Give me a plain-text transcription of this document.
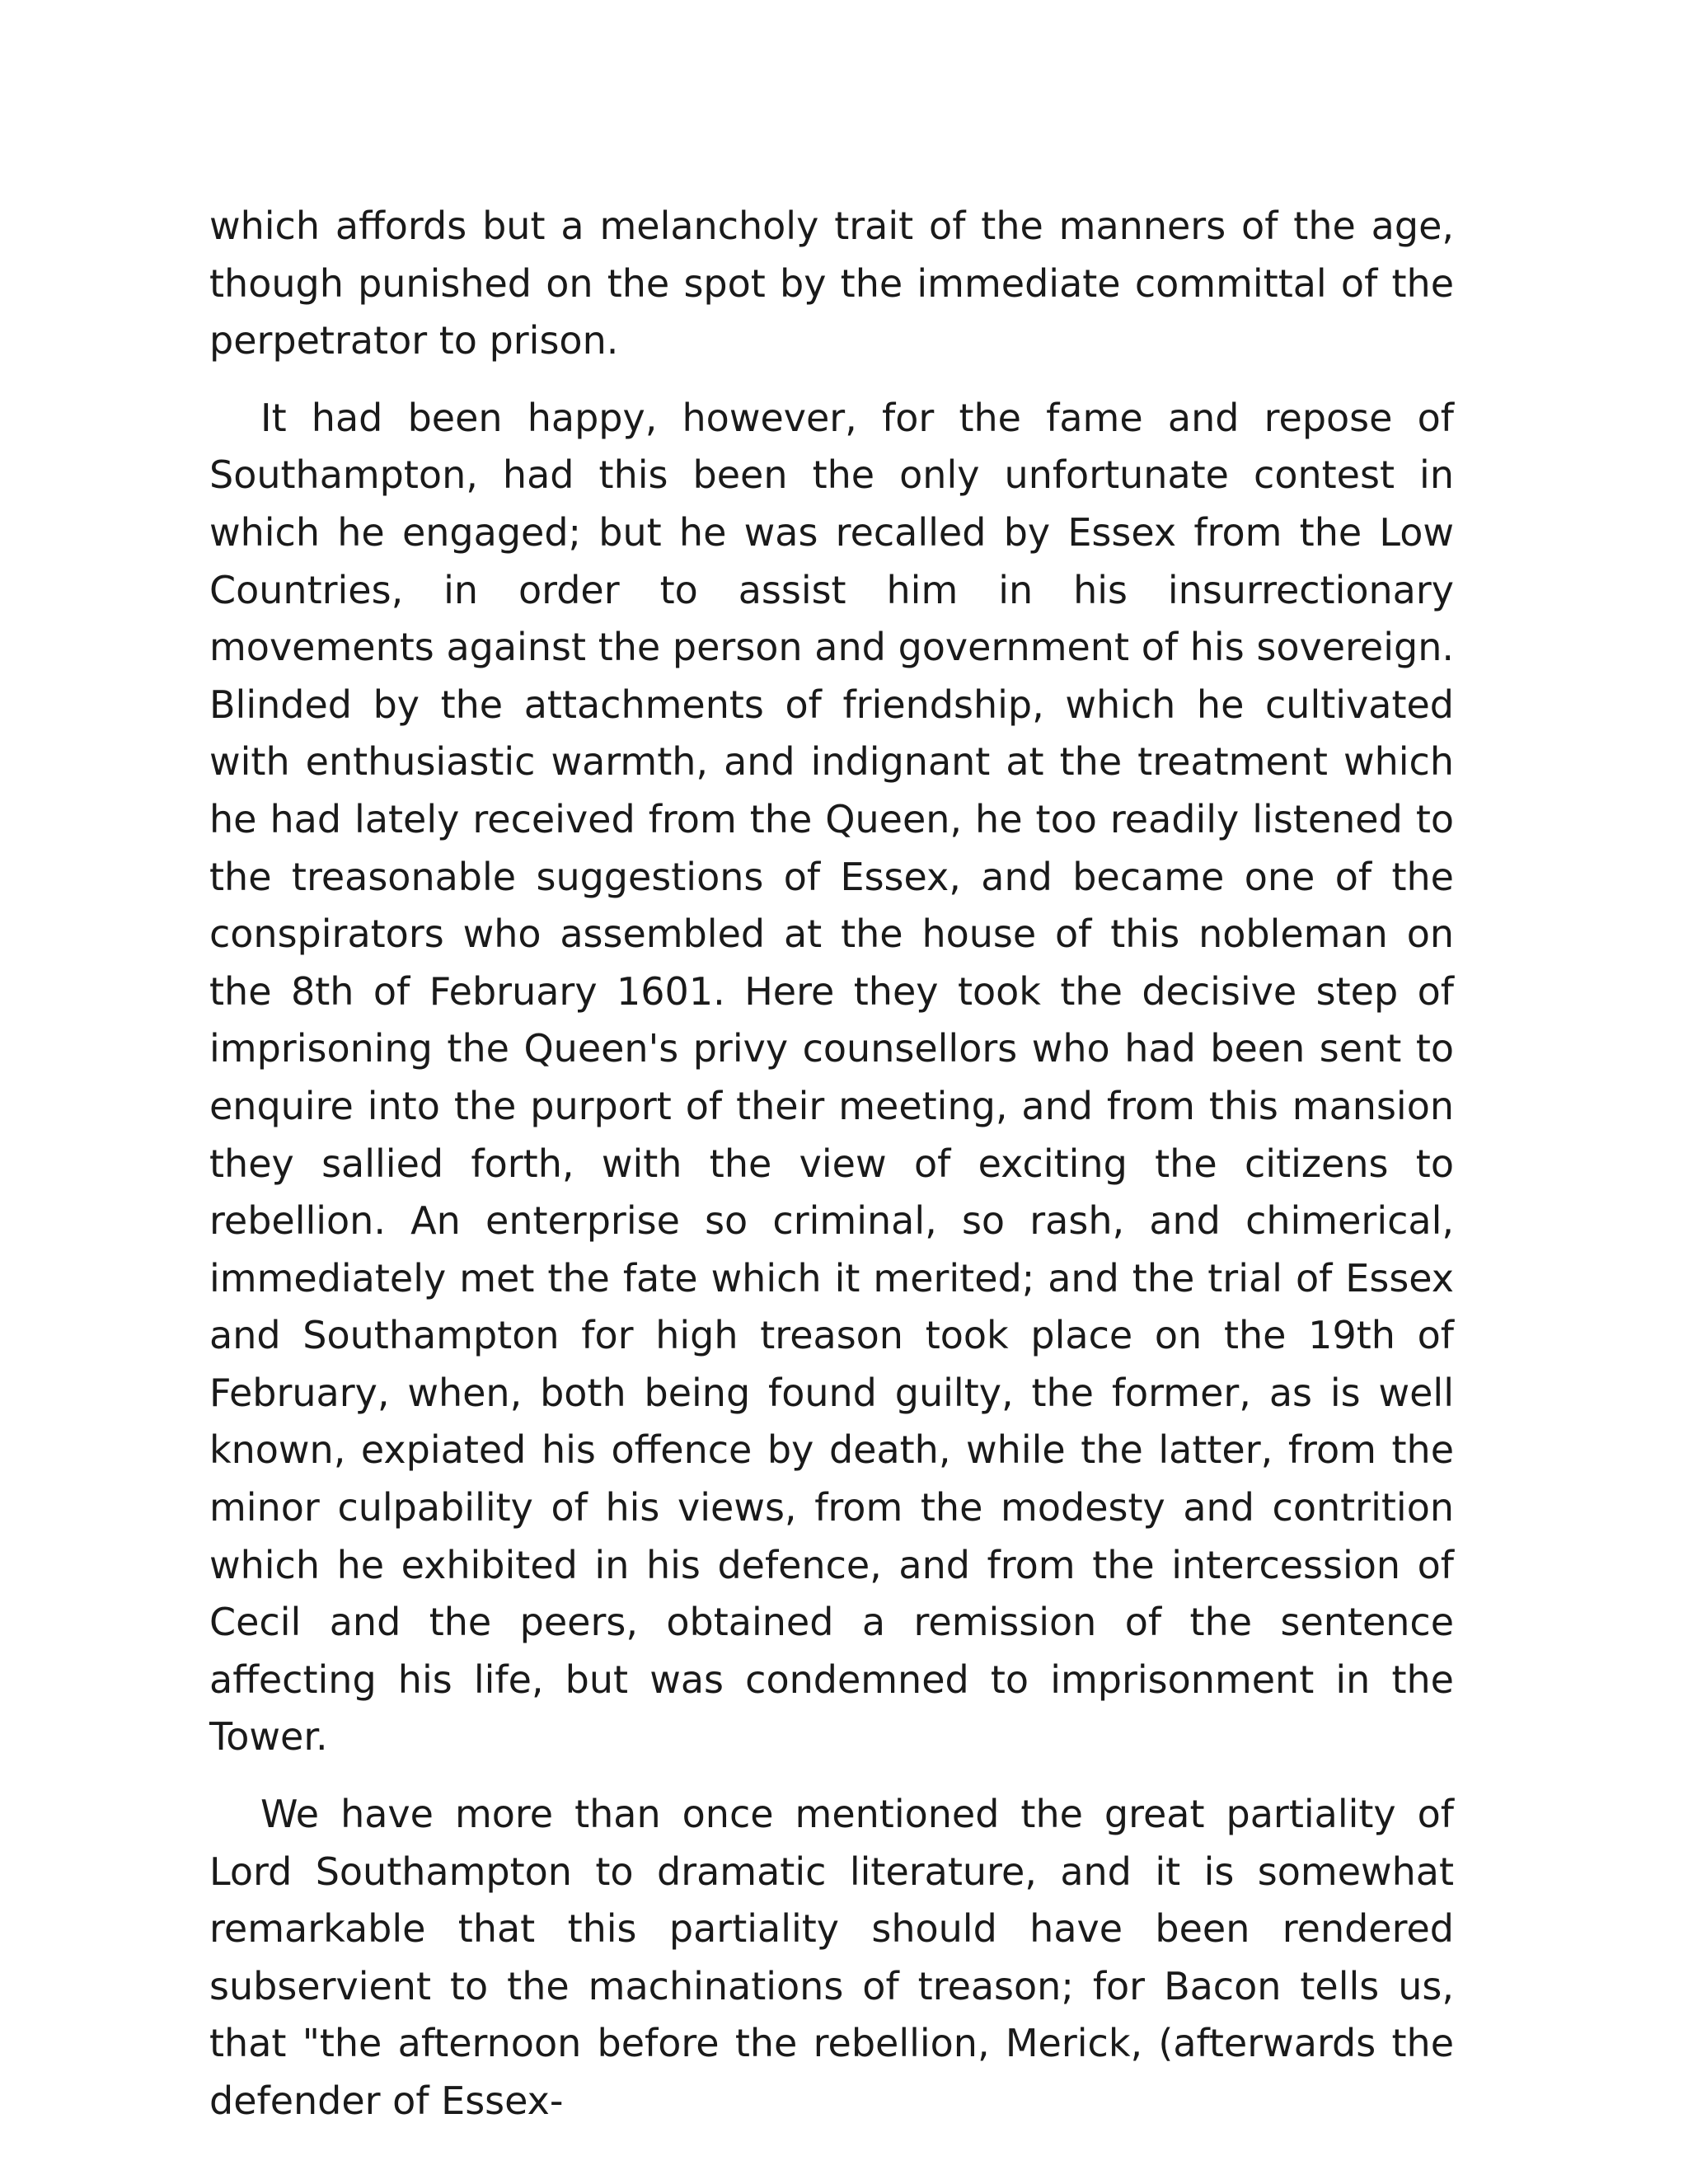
which affords but a melancholy trait of the manners of the age, though punished on the spot by the immediate committal of the perpetrator to prison.

It had been happy, however, for the fame and repose of Southampton, had this been the only unfortunate contest in which he engaged; but he was recalled by Essex from the Low Countries, in order to assist him in his insurrectionary movements against the person and government of his sovereign. Blinded by the attachments of friendship, which he cultivated with enthusiastic warmth, and indignant at the treatment which he had lately received from the Queen, he too readily listened to the treasonable suggestions of Essex, and became one of the conspirators who assembled at the house of this nobleman on the 8th of February 1601. Here they took the decisive step of imprisoning the Queen's privy counsellors who had been sent to enquire into the purport of their meeting, and from this mansion they sallied forth, with the view of exciting the citizens to rebellion. An enterprise so criminal, so rash, and chimerical, immediately met the fate which it merited; and the trial of Essex and Southampton for high treason took place on the 19th of February, when, both being found guilty, the former, as is well known, expiated his offence by death, while the latter, from the minor culpability of his views, from the modesty and contrition which he exhibited in his defence, and from the intercession of Cecil and the peers, obtained a remission of the sentence affecting his life, but was condemned to imprisonment in the Tower.

We have more than once mentioned the great partiality of Lord Southampton to dramatic literature, and it is somewhat remarkable that this partiality should have been rendered subservient to the machinations of treason; for Bacon tells us, that "the afternoon before the rebellion, Merick, (afterwards the defender of Essex-
